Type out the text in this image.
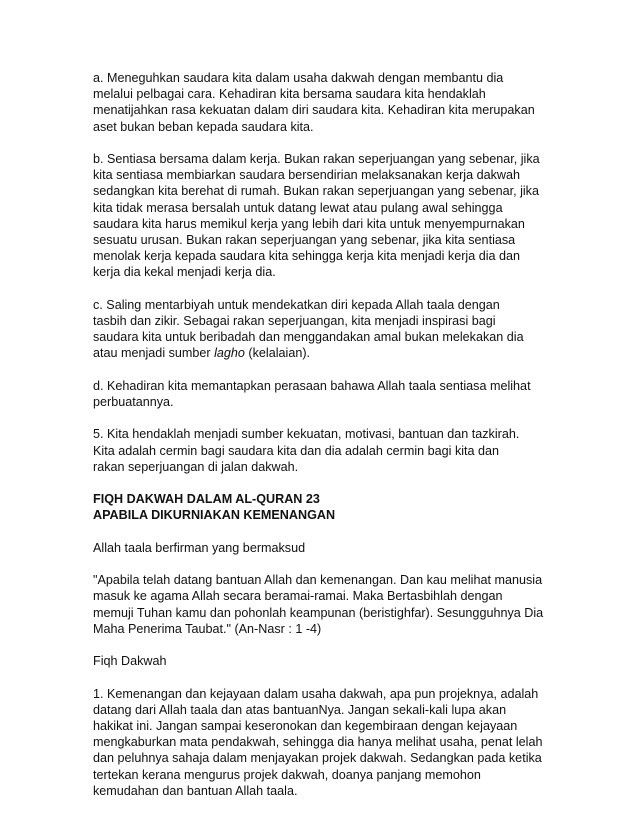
a. Meneguhkan saudara kita dalam usaha dakwah dengan membantu dia
melalui pelbagai cara. Kehadiran kita bersama saudara kita hendaklah
menatijahkan rasa kekuatan dalam diri saudara kita. Kehadiran kita merupakan
aset bukan beban kepada saudara kita.

b. Sentiasa bersama dalam kerja. Bukan rakan seperjuangan yang sebenar, jika
kita sentiasa membiarkan saudara bersendirian melaksanakan kerja dakwah
sedangkan kita berehat di rumah. Bukan rakan seperjuangan yang sebenar, jika
kita tidak merasa bersalah untuk datang lewat atau pulang awal sehingga
saudara kita harus memikul kerja yang lebih dari kita untuk menyempurnakan
sesuatu urusan. Bukan rakan seperjuangan yang sebenar, jika kita sentiasa
menolak kerja kepada saudara kita sehingga kerja kita menjadi kerja dia dan
kerja dia kekal menjadi kerja dia.

c. Saling mentarbiyah untuk mendekatkan diri kepada Allah taala dengan
tasbih dan zikir. Sebagai rakan seperjuangan, kita menjadi inspirasi bagi
saudara kita untuk beribadah dan menggandakan amal bukan melekakan dia
atau menjadi sumber lagho (kelalaian).

d. Kehadiran kita memantapkan perasaan bahawa Allah taala sentiasa melihat
perbuatannya.

5. Kita hendaklah menjadi sumber kekuatan, motivasi, bantuan dan tazkirah.
Kita adalah cermin bagi saudara kita dan dia adalah cermin bagi kita dan
rakan seperjuangan di jalan dakwah.

FIQH DAKWAH DALAM AL-QURAN 23
APABILA DIKURNIAKAN KEMENANGAN

Allah taala berfirman yang bermaksud

"Apabila telah datang bantuan Allah dan kemenangan. Dan kau melihat manusia
masuk ke agama Allah secara beramai-ramai. Maka Bertasbihlah dengan
memuji Tuhan kamu dan pohonlah keampunan (beristighfar). Sesungguhnya Dia
Maha Penerima Taubat." (An-Nasr : 1 -4)

Fiqh Dakwah

1. Kemenangan dan kejayaan dalam usaha dakwah, apa pun projeknya, adalah
datang dari Allah taala dan atas bantuanNya. Jangan sekali-kali lupa akan
hakikat ini. Jangan sampai keseronokan dan kegembiraan dengan kejayaan
mengkaburkan mata pendakwah, sehingga dia hanya melihat usaha, penat lelah
dan peluhnya sahaja dalam menjayakan projek dakwah. Sedangkan pada ketika
tertekan kerana mengurus projek dakwah, doanya panjang memohon
kemudahan dan bantuan Allah taala.
